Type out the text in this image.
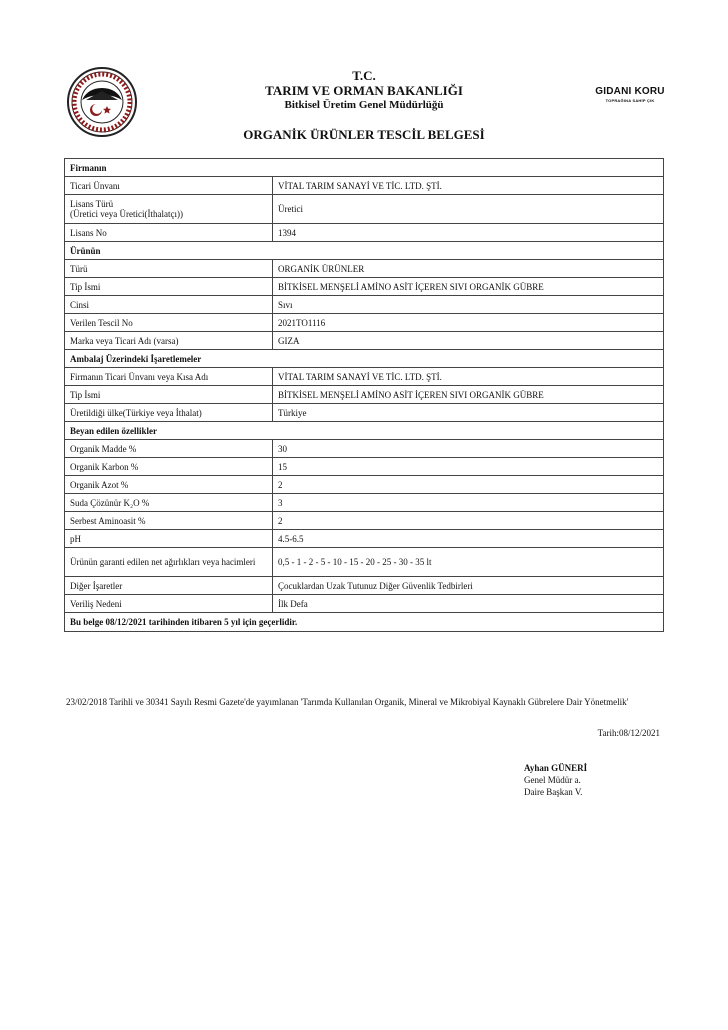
T.C.
TARIM VE ORMAN BAKANLIĞI
Bitkisel Üretim Genel Müdürlüğü
GIDANI KORU
TOPRAĞINA SAHİP ÇIK
ORGANİK ÜRÜNLER TESCİL BELGESİ
Firmanın	
Ticari Ünvanı	VİTAL TARIM SANAYİ VE TİC. LTD. ŞTİ.

Lisans Türü
(Üretici veya Üretici(İthalatçı))	Üretici
Lisans No	1394
Ürünün	
Türü	ORGANİK ÜRÜNLER
Tip İsmi	BİTKİSEL MENŞELİ AMİNO ASİT İÇEREN SIVI ORGANİK GÜBRE
Cinsi	Sıvı
Verilen Tescil No	2021TO1116
Marka veya Ticari Adı (varsa)	GIZA
Ambalaj Üzerindeki İşaretlemeler	
Firmanın Ticari Ünvanı veya Kısa Adı	VİTAL TARIM SANAYİ VE TİC. LTD. ŞTİ.
Tip İsmi	BİTKİSEL MENŞELİ AMİNO ASİT İÇEREN SIVI ORGANİK GÜBRE
Üretildiği ülke(Türkiye veya İthalat)	Türkiye
Beyan edilen özellikler	
Organik Madde %	30
Organik Karbon %	15
Organik Azot %	2
Suda Çözünür K₂O %	3
Serbest Aminoasit %	2
pH	4.5-6.5
Ürünün garanti edilen net ağırlıkları veya hacimleri	0,5 - 1 - 2 - 5 - 10 - 15 - 20 - 25 - 30 - 35 lt
Diğer İşaretler	Çocuklardan Uzak Tutunuz Diğer Güvenlik Tedbirleri
Veriliş Nedeni	İlk Defa
Bu belge 08/12/2021 tarihinden itibaren 5 yıl için geçerlidir.	
23/02/2018 Tarihli ve 30341 Sayılı Resmi Gazete'de yayımlanan 'Tarımda Kullanılan Organik, Mineral ve Mikrobiyal Kaynaklı Gübrelere Dair Yönetmelik'
Tarih:08/12/2021
Ayhan GÜNERİ
Genel Müdür a.
Daire Başkan V.
